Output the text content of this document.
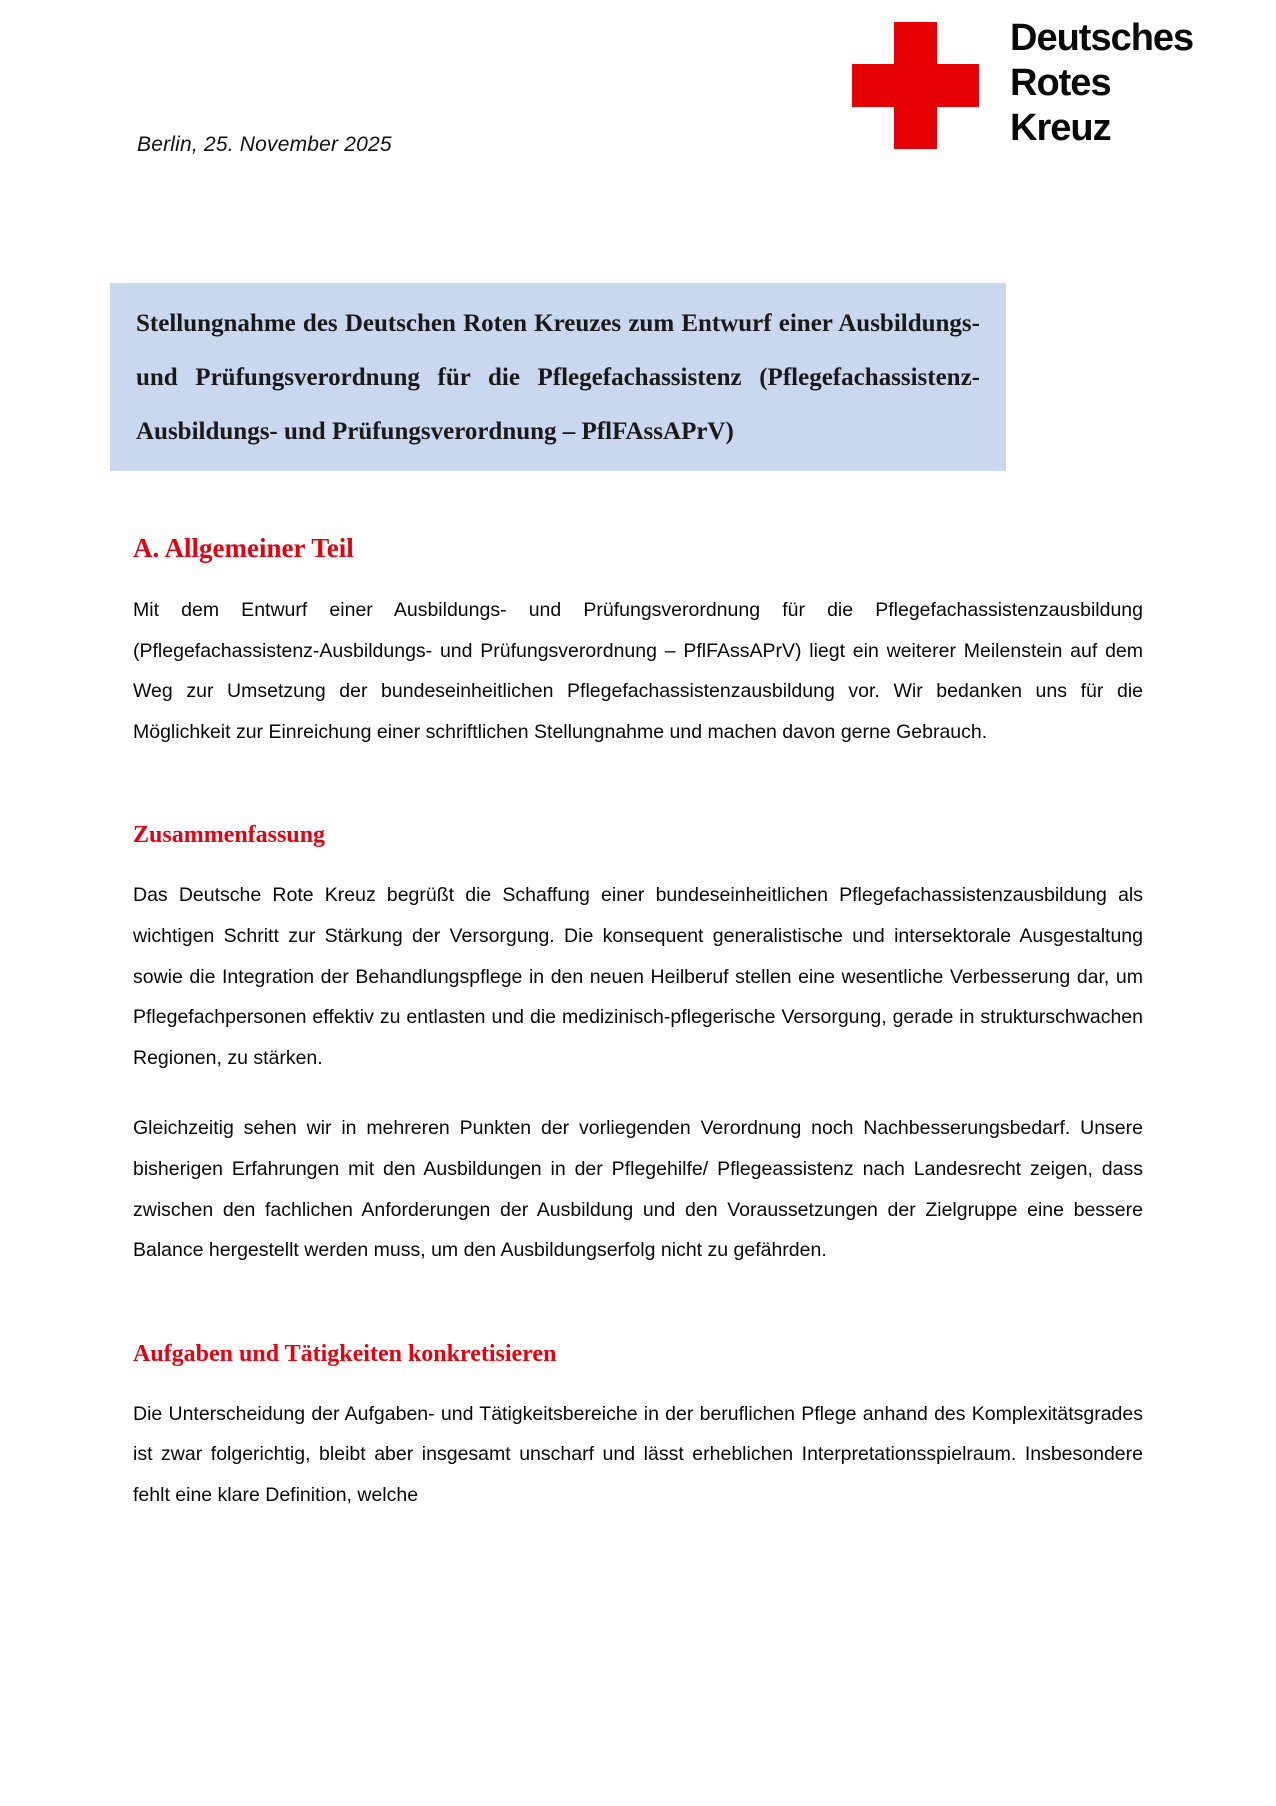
Berlin, 25. November 2025
Deutsches
Rotes
Kreuz

Stellungnahme des Deutschen Roten Kreuzes zum Entwurf einer Ausbildungs- und Prüfungsverordnung für die Pflegefachassistenz (Pflegefachassistenz-Ausbildungs- und Prüfungsverordnung – PflFAssAPrV)

A. Allgemeiner Teil

Mit dem Entwurf einer Ausbildungs- und Prüfungsverordnung für die Pflegefachassistenzausbildung (Pflegefachassistenz-Ausbildungs- und Prüfungsverordnung – PflFAssAPrV) liegt ein weiterer Meilenstein auf dem Weg zur Umsetzung der bundeseinheitlichen Pflegefachassistenzausbildung vor. Wir bedanken uns für die Möglichkeit zur Einreichung einer schriftlichen Stellungnahme und machen davon gerne Gebrauch.

Zusammenfassung

Das Deutsche Rote Kreuz begrüßt die Schaffung einer bundeseinheitlichen Pflegefachassistenzausbildung als wichtigen Schritt zur Stärkung der Versorgung. Die konsequent generalistische und intersektorale Ausgestaltung sowie die Integration der Behandlungspflege in den neuen Heilberuf stellen eine wesentliche Verbesserung dar, um Pflegefachpersonen effektiv zu entlasten und die medizinisch-pflegerische Versorgung, gerade in strukturschwachen Regionen, zu stärken.

Gleichzeitig sehen wir in mehreren Punkten der vorliegenden Verordnung noch Nachbesserungsbedarf. Unsere bisherigen Erfahrungen mit den Ausbildungen in der Pflegehilfe/ Pflegeassistenz nach Landesrecht zeigen, dass zwischen den fachlichen Anforderungen der Ausbildung und den Voraussetzungen der Zielgruppe eine bessere Balance hergestellt werden muss, um den Ausbildungserfolg nicht zu gefährden.

Aufgaben und Tätigkeiten konkretisieren

Die Unterscheidung der Aufgaben- und Tätigkeitsbereiche in der beruflichen Pflege anhand des Komplexitätsgrades ist zwar folgerichtig, bleibt aber insgesamt unscharf und lässt erheblichen Interpretationsspielraum. Insbesondere fehlt eine klare Definition, welche
